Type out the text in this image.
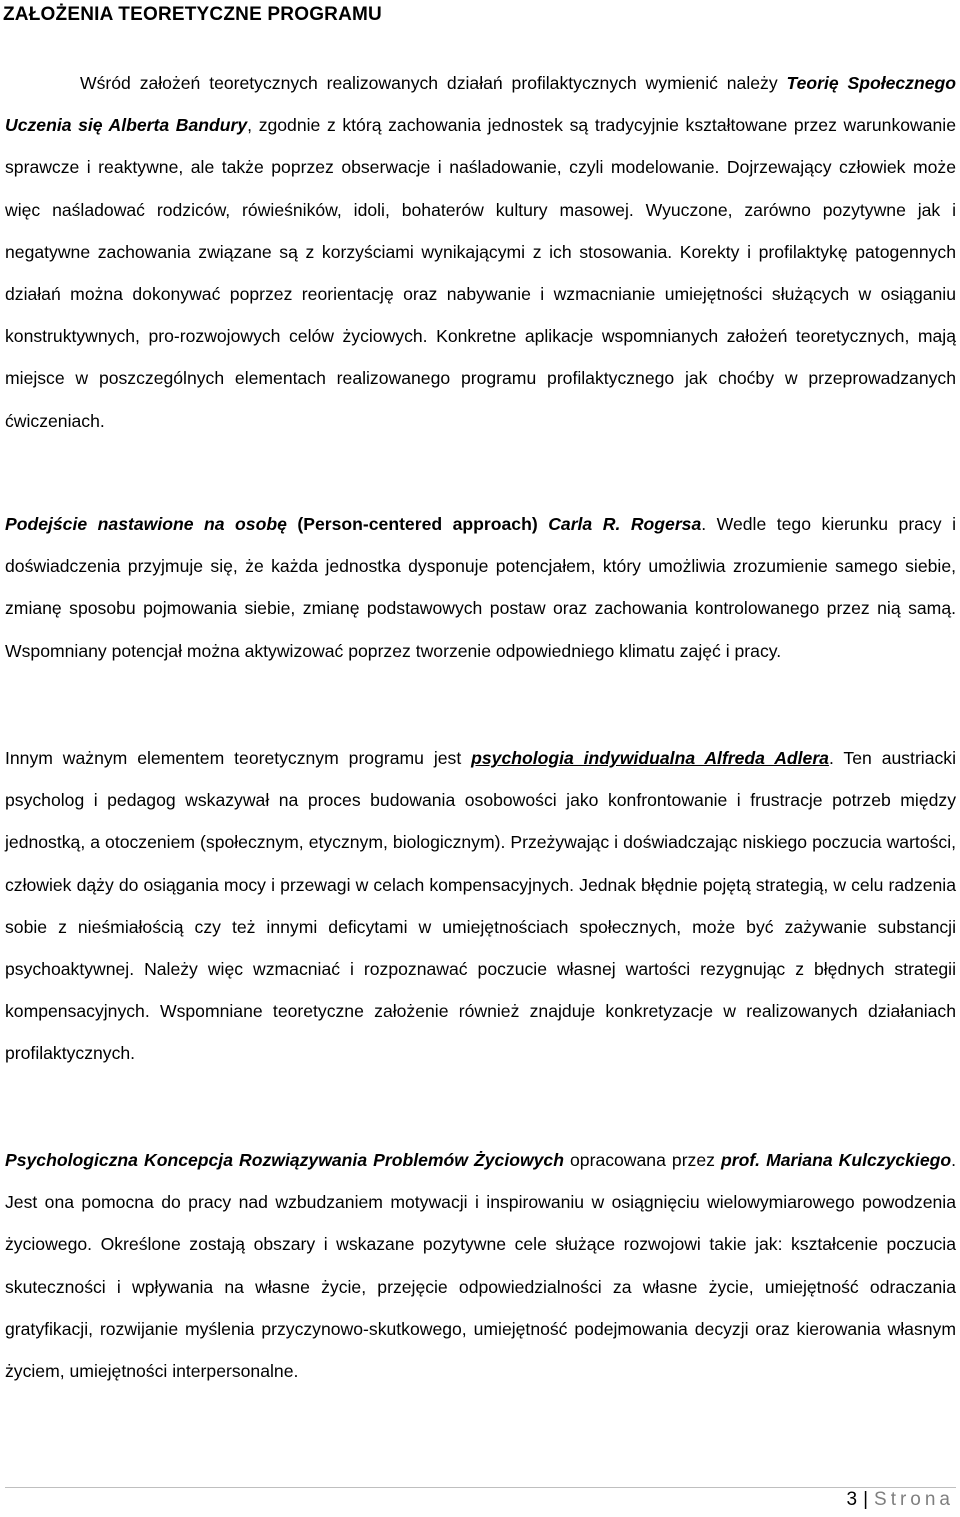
ZAŁOŻENIA TEORETYCZNE PROGRAMU

Wśród założeń teoretycznych realizowanych działań profilaktycznych wymienić należy Teorię Społecznego Uczenia się Alberta Bandury, zgodnie z którą zachowania jednostek są tradycyjnie kształtowane przez warunkowanie sprawcze i reaktywne, ale także poprzez obserwacje i naśladowanie, czyli modelowanie. Dojrzewający człowiek może więc naśladować rodziców, rówieśników, idoli, bohaterów kultury masowej. Wyuczone, zarówno pozytywne jak i negatywne zachowania związane są z korzyściami wynikającymi z ich stosowania. Korekty i profilaktykę patogennych działań można dokonywać poprzez reorientację oraz nabywanie i wzmacnianie umiejętności służących w osiąganiu konstruktywnych, pro-rozwojowych celów życiowych. Konkretne aplikacje wspomnianych założeń teoretycznych, mają miejsce w poszczególnych elementach realizowanego programu profilaktycznego jak choćby w przeprowadzanych ćwiczeniach.

Podejście nastawione na osobę (Person-centered approach) Carla R. Rogersa. Wedle tego kierunku pracy i doświadczenia przyjmuje się, że każda jednostka dysponuje potencjałem, który umożliwia zrozumienie samego siebie, zmianę sposobu pojmowania siebie, zmianę podstawowych postaw oraz zachowania kontrolowanego przez nią samą. Wspomniany potencjał można aktywizować poprzez tworzenie odpowiedniego klimatu zajęć i pracy.

Innym ważnym elementem teoretycznym programu jest psychologia indywidualna Alfreda Adlera. Ten austriacki psycholog i pedagog wskazywał na proces budowania osobowości jako konfrontowanie i frustracje potrzeb między jednostką, a otoczeniem (społecznym, etycznym, biologicznym). Przeżywając i doświadczając niskiego poczucia wartości, człowiek dąży do osiągania mocy i przewagi w celach kompensacyjnych. Jednak błędnie pojętą strategią, w celu radzenia sobie z nieśmiałością czy też innymi deficytami w umiejętnościach społecznych, może być zażywanie substancji psychoaktywnej. Należy więc wzmacniać i rozpoznawać poczucie własnej wartości rezygnując z błędnych strategii kompensacyjnych. Wspomniane teoretyczne założenie również znajduje konkretyzacje w realizowanych działaniach profilaktycznych.

Psychologiczna Koncepcja Rozwiązywania Problemów Życiowych opracowana przez prof. Mariana Kulczyckiego. Jest ona pomocna do pracy nad wzbudzaniem motywacji i inspirowaniu w osiągnięciu wielowymiarowego powodzenia życiowego. Określone zostają obszary i wskazane pozytywne cele służące rozwojowi takie jak: kształcenie poczucia skuteczności i wpływania na własne życie, przejęcie odpowiedzialności za własne życie, umiejętność odraczania gratyfikacji, rozwijanie myślenia przyczynowo-skutkowego, umiejętność podejmowania decyzji oraz kierowania własnym życiem, umiejętności interpersonalne.

3 | Strona
